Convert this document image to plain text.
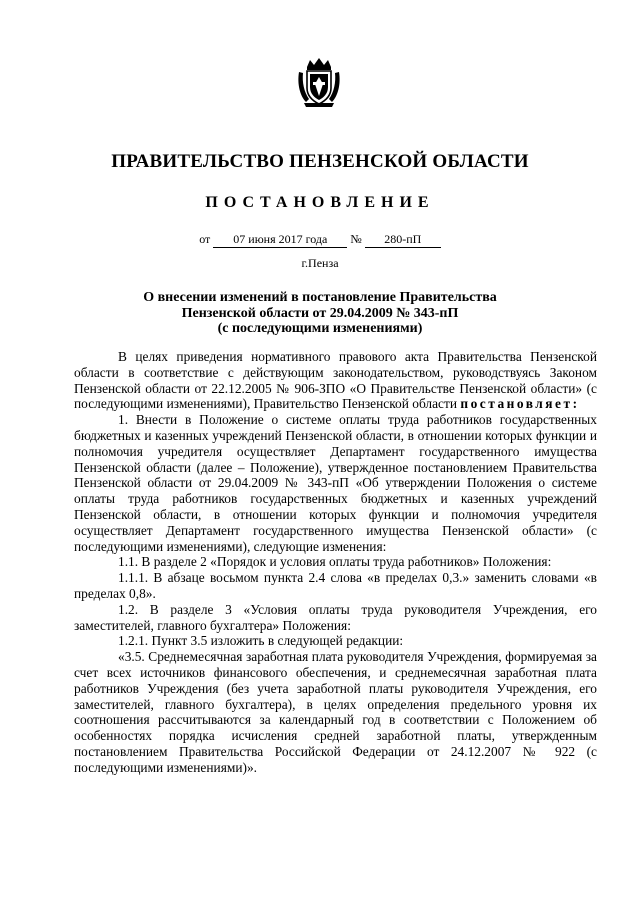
ПРАВИТЕЛЬСТВО ПЕНЗЕНСКОЙ ОБЛАСТИ
ПОСТАНОВЛЕНИЕ
от 07 июня 2017 года № 280-пП
г.Пенза
О внесении изменений в постановление Правительства
Пензенской области от 29.04.2009 № 343-пП
(с последующими изменениями)

В целях приведения нормативного правового акта Правительства Пензенской области в соответствие с действующим законодательством, руководствуясь Законом Пензенской области от 22.12.2005 № 906-ЗПО «О Правительстве Пензенской области» (с последующими изменениями), Правительство Пензенской области постановляет:

1. Внести в Положение о системе оплаты труда работников государственных бюджетных и казенных учреждений Пензенской области, в отношении которых функции и полномочия учредителя осуществляет Департамент государственного имущества Пензенской области (далее – Положение), утвержденное постановлением Правительства Пензенской области от 29.04.2009 № 343-пП «Об утверждении Положения о системе оплаты труда работников государственных бюджетных и казенных учреждений Пензенской области, в отношении которых функции и полномочия учредителя осуществляет Департамент государственного имущества Пензенской области» (с последующими изменениями), следующие изменения:

1.1. В разделе 2 «Порядок и условия оплаты труда работников» Положения:

1.1.1. В абзаце восьмом пункта 2.4 слова «в пределах 0,3.» заменить словами «в пределах 0,8».

1.2. В разделе 3 «Условия оплаты труда руководителя Учреждения, его заместителей, главного бухгалтера» Положения:

1.2.1. Пункт 3.5 изложить в следующей редакции:

«3.5. Среднемесячная заработная плата руководителя Учреждения, формируемая за счет всех источников финансового обеспечения, и среднемесячная заработная плата работников Учреждения (без учета заработной платы руководителя Учреждения, его заместителей, главного бухгалтера), в целях определения предельного уровня их соотношения рассчитываются за календарный год в соответствии с Положением об особенностях порядка исчисления средней заработной платы, утвержденным постановлением Правительства Российской Федерации от 24.12.2007 № 922 (с последующими изменениями)».
